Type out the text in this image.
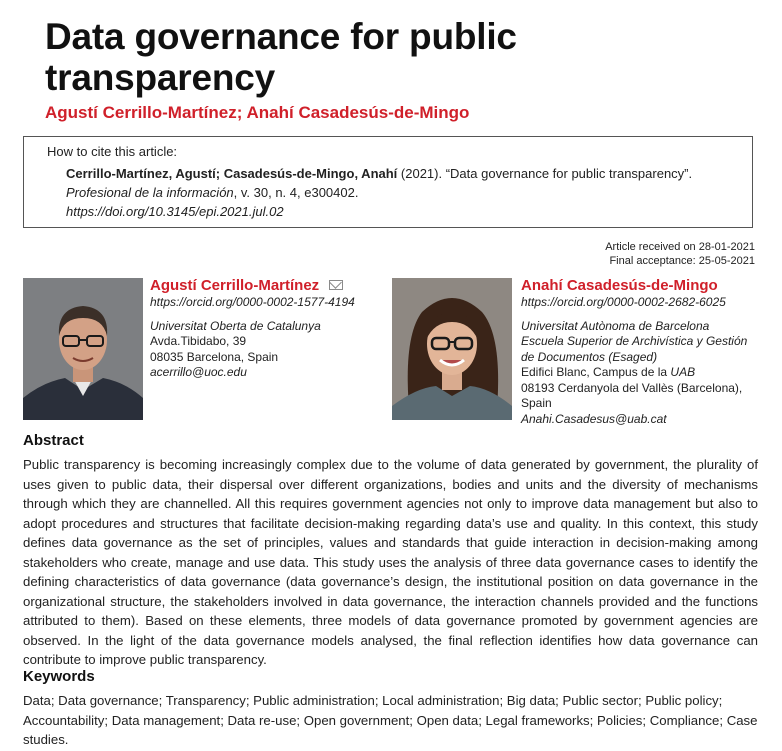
Data governance for public transparency
Agustí Cerrillo-Martínez; Anahí Casadesús-de-Mingo
How to cite this article:
Cerrillo-Martínez, Agustí; Casadesús-de-Mingo, Anahí (2021). “Data governance for public transparency”. Profesional de la información, v. 30, n. 4, e300402.
https://doi.org/10.3145/epi.2021.jul.02
Article received on 28-01-2021
Final acceptance: 25-05-2021
Agustí Cerrillo-Martínez
https://orcid.org/0000-0002-1577-4194
Universitat Oberta de Catalunya
Avda.Tibidabo, 39
08035 Barcelona, Spain
acerrillo@uoc.edu
Anahí Casadesús-de-Mingo
https://orcid.org/0000-0002-2682-6025
Universitat Autònoma de Barcelona
Escuela Superior de Archivística y Gestión de Documentos (Esaged)
Edifici Blanc, Campus de la UAB
08193 Cerdanyola del Vallès (Barcelona), Spain
Anahi.Casadesus@uab.cat
Abstract

Public transparency is becoming increasingly complex due to the volume of data generated by government, the plurality of uses given to public data, their dispersal over different organizations, bodies and units and the diversity of mechanisms through which they are channelled. All this requires government agencies not only to improve data management but also to adopt procedures and structures that facilitate decision-making regarding data’s use and quality. In this context, this study defines data governance as the set of principles, values and standards that guide interaction in decision-making among stakeholders who create, manage and use data. This study uses the analysis of three data governance cases to identify the defining characteristics of data governance (data governance’s design, the institutional position on data governance in the organizational structure, the stakeholders involved in data governance, the interaction channels provided and the functions attributed to them). Based on these elements, three models of data governance promoted by government agencies are observed. In the light of the data governance models analysed, the final reflection identifies how data governance can contribute to improve public transparency.

Keywords

Data; Data governance; Transparency; Public administration; Local administration; Big data; Public sector; Public policy; Accountability; Data management; Data re-use; Open government; Open data; Legal frameworks; Policies; Compliance; Case studies.
